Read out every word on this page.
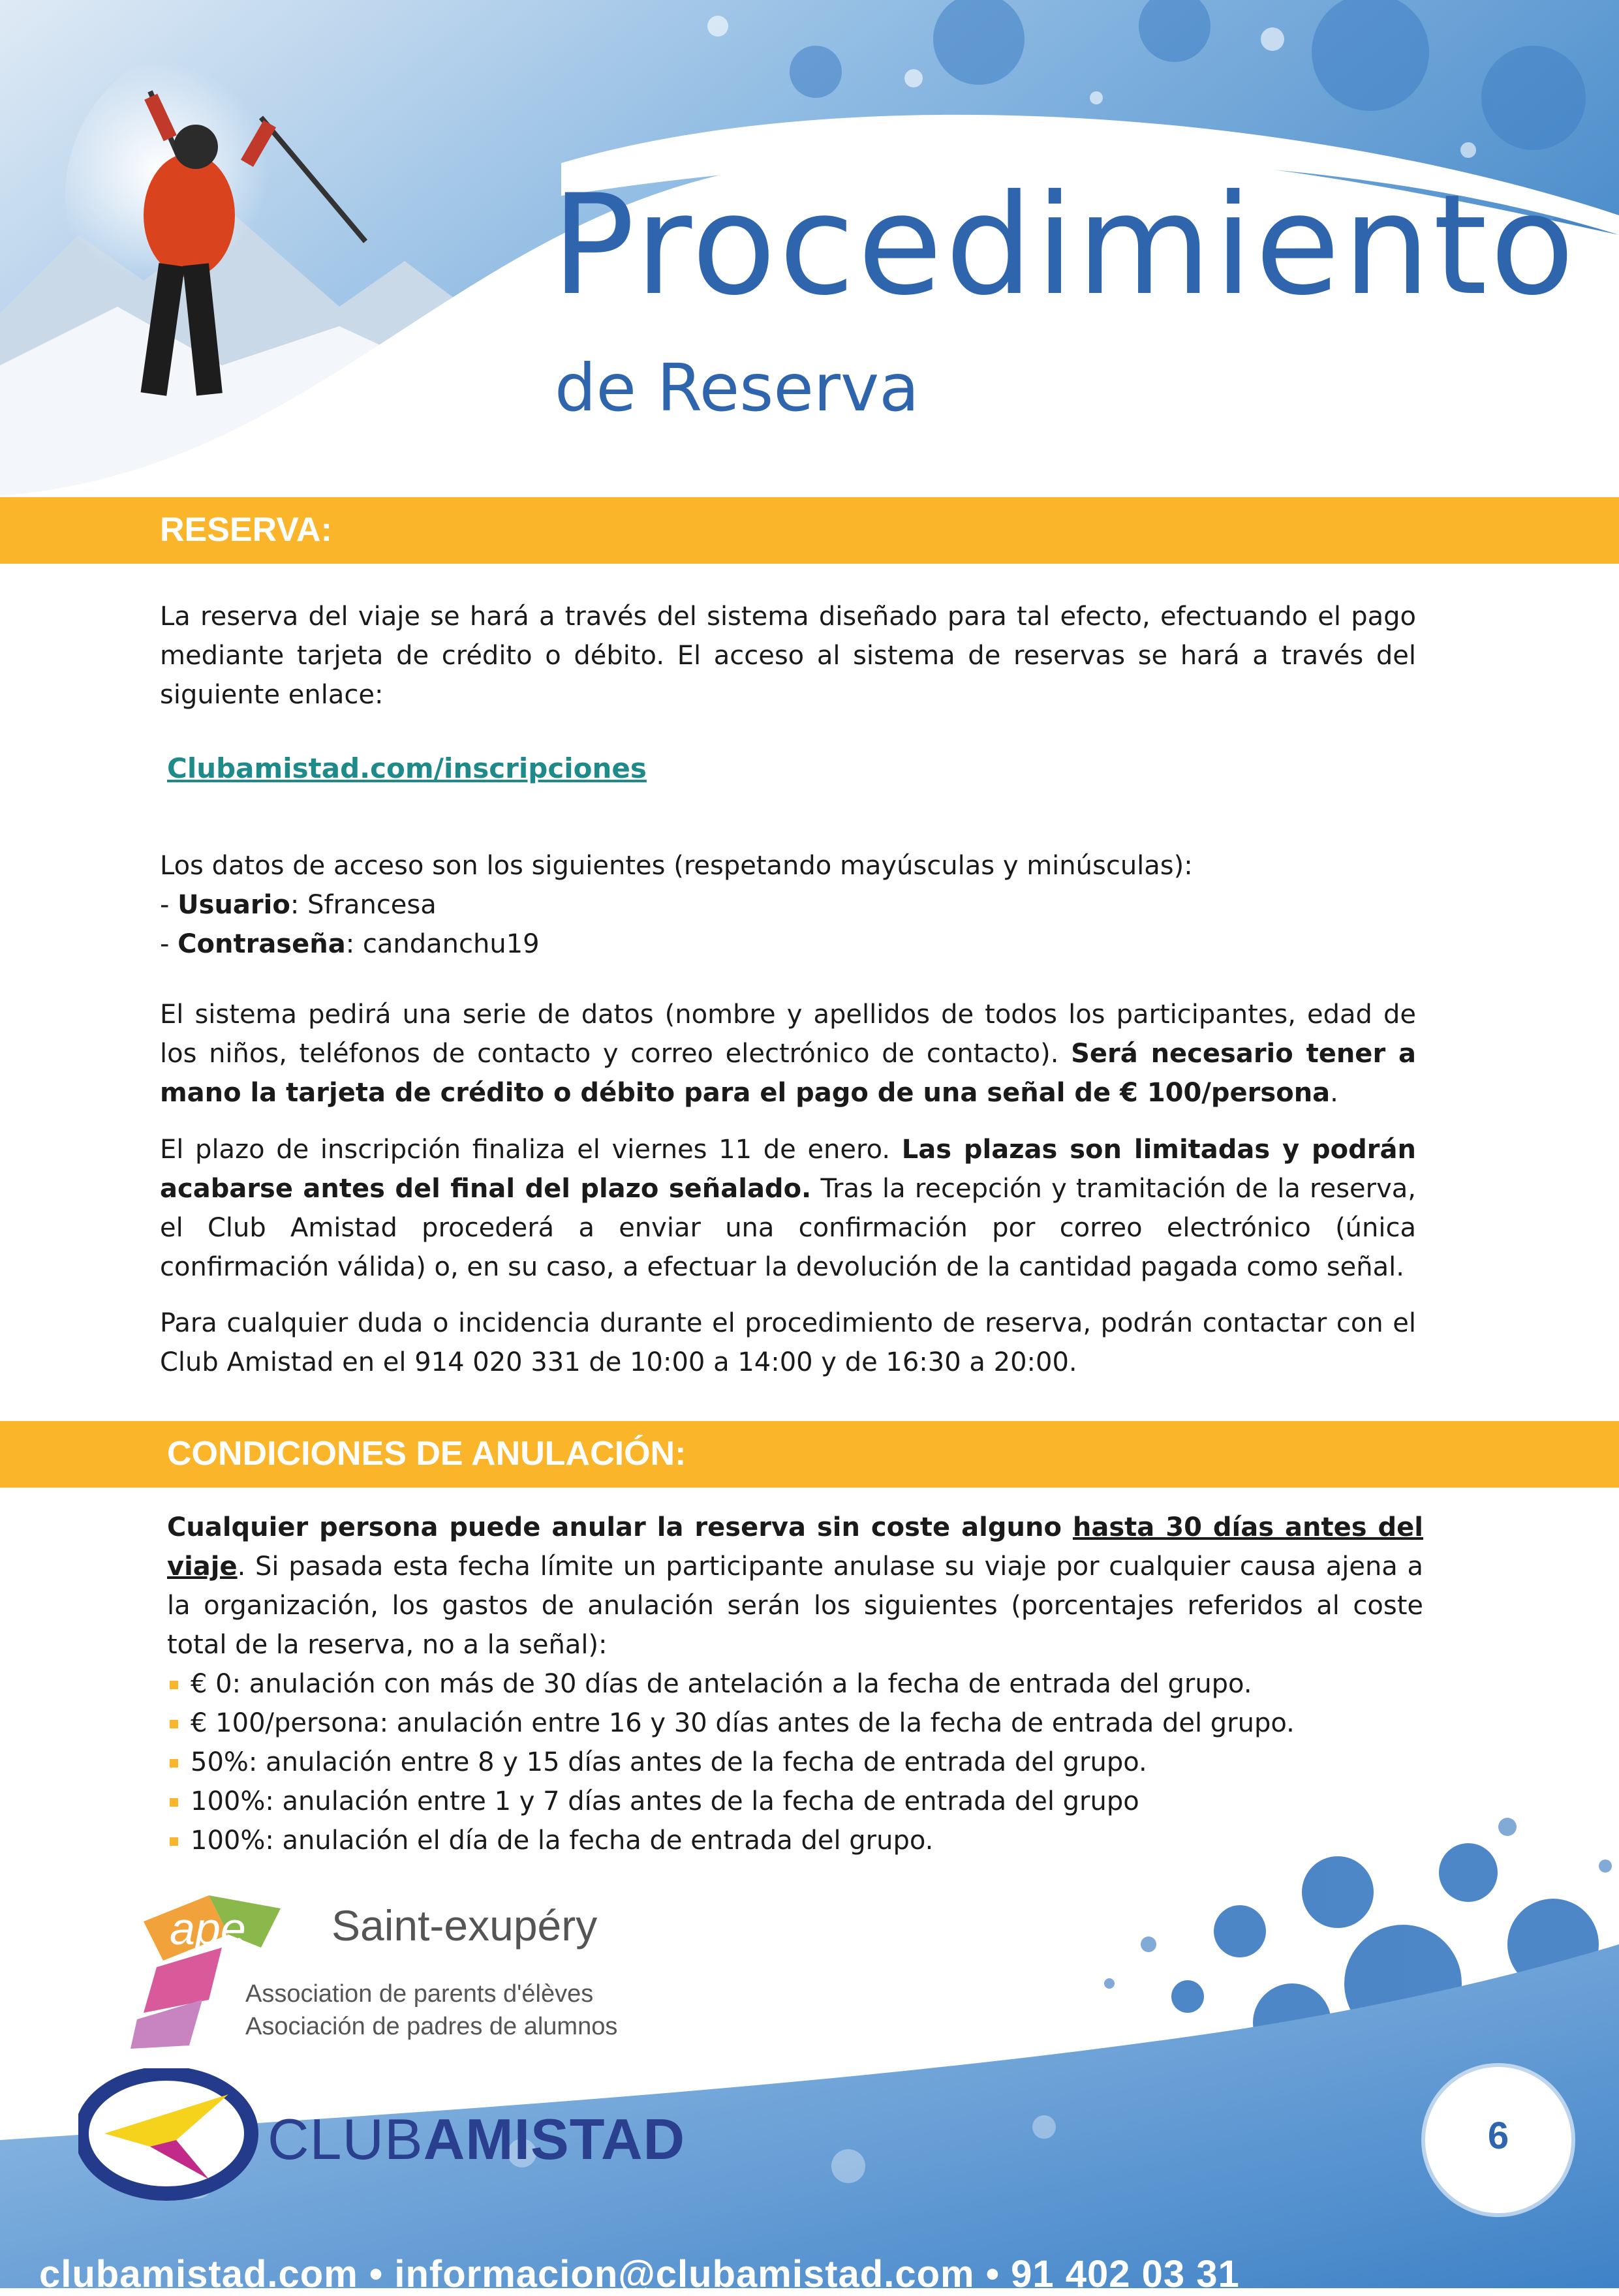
Procedimiento
de Reserva
RESERVA:

La reserva del viaje se hará a través del sistema diseñado para tal efecto, efectuando el pago mediante tarjeta de crédito o débito. El acceso al sistema de reservas se hará a través del siguiente enlace:

Clubamistad.com/inscripciones
Los datos de acceso son los siguientes (respetando mayúsculas y minúsculas):
- Usuario: Sfrancesa
- Contraseña: candanchu19

El sistema pedirá una serie de datos (nombre y apellidos de todos los participantes, edad de los niños, teléfonos de contacto y correo electrónico de contacto). Será necesario tener a mano la tarjeta de crédito o débito para el pago de una señal de € 100/persona.

El plazo de inscripción finaliza el viernes 11 de enero. Las plazas son limitadas y podrán acabarse antes del final del plazo señalado. Tras la recepción y tramitación de la reserva, el Club Amistad procederá a enviar una confirmación por correo electrónico (única confirmación válida) o, en su caso, a efectuar la devolución de la cantidad pagada como señal.

Para cualquier duda o incidencia durante el procedimiento de reserva, podrán contactar con el Club Amistad en el 914 020 331 de 10:00 a 14:00 y de 16:30 a 20:00.

CONDICIONES DE ANULACIÓN:

Cualquier persona puede anular la reserva sin coste alguno hasta 30 días antes del viaje. Si pasada esta fecha límite un participante anulase su viaje por cualquier causa ajena a la organización, los gastos de anulación serán los siguientes (porcentajes referidos al coste total de la reserva, no a la señal):

€ 0: anulación con más de 30 días de antelación a la fecha de entrada del grupo.
€ 100/persona: anulación entre 16 y 30 días antes de la fecha de entrada del grupo.
50%: anulación entre 8 y 15 días antes de la fecha de entrada del grupo.
100%: anulación entre 1 y 7 días antes de la fecha de entrada del grupo
100%: anulación el día de la fecha de entrada del grupo.
ape Saint-exupéry
Association de parents d'élèves
Asociación de padres de alumnos
CLUBAMISTAD	6
clubamistad.com • informacion@clubamistad.com • 91 402 03 31
